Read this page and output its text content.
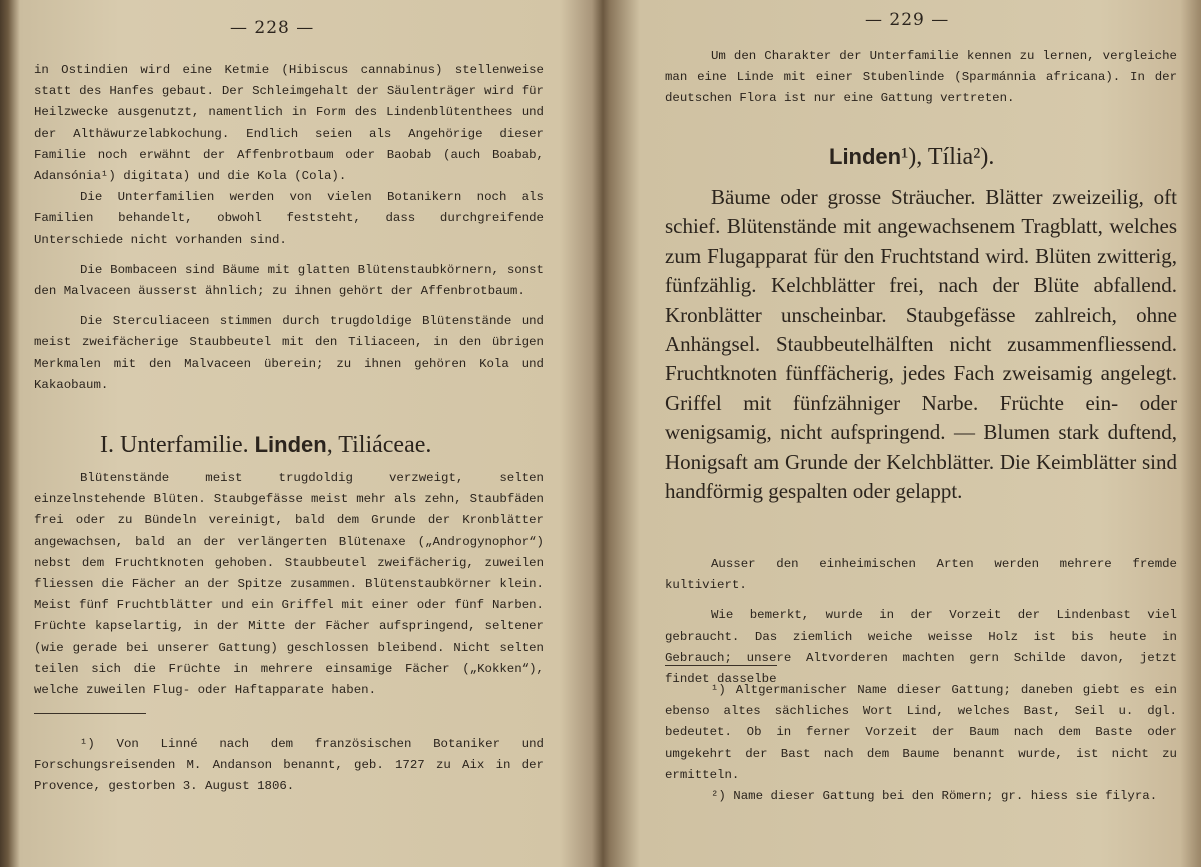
— 228 —

in Ostindien wird eine Ketmie (Hibiscus cannabinus) stellenweise statt des Hanfes gebaut. Der Schleimgehalt der Säulenträger wird für Heilzwecke ausgenutzt, namentlich in Form des Lindenblütenthees und der Althäwurzelabkochung. Endlich seien als Angehörige dieser Familie noch erwähnt der Affenbrotbaum oder Baobab (auch Boabab, Adansónia¹) digitata) und die Kola (Cola).

Die Unterfamilien werden von vielen Botanikern noch als Familien behandelt, obwohl feststeht, dass durchgreifende Unterschiede nicht vorhanden sind.

Die Bombaceen sind Bäume mit glatten Blütenstaubkörnern, sonst den Malvaceen äusserst ähnlich; zu ihnen gehört der Affenbrotbaum.

Die Sterculiaceen stimmen durch trugdoldige Blütenstände und meist zweifächerige Staubbeutel mit den Tiliaceen, in den übrigen Merkmalen mit den Malvaceen überein; zu ihnen gehören Kola und Kakaobaum.

I. Unterfamilie. Linden, Tiliáceae.

Blütenstände meist trugdoldig verzweigt, selten einzelnstehende Blüten. Staubgefässe meist mehr als zehn, Staubfäden frei oder zu Bündeln vereinigt, bald dem Grunde der Kronblätter angewachsen, bald an der verlängerten Blütenaxe („Androgynophor“) nebst dem Fruchtknoten gehoben. Staubbeutel zweifächerig, zuweilen fliessen die Fächer an der Spitze zusammen. Blütenstaubkörner klein. Meist fünf Fruchtblätter und ein Griffel mit einer oder fünf Narben. Früchte kapselartig, in der Mitte der Fächer aufspringend, seltener (wie gerade bei unserer Gattung) geschlossen bleibend. Nicht selten teilen sich die Früchte in mehrere einsamige Fächer („Kokken“), welche zuweilen Flug- oder Haftapparate haben.

¹) Von Linné nach dem französischen Botaniker und Forschungsreisenden M. Andanson benannt, geb. 1727 zu Aix in der Provence, gestorben 3. August 1806.

— 229 —

Um den Charakter der Unterfamilie kennen zu lernen, vergleiche man eine Linde mit einer Stubenlinde (Sparmánnia africana). In der deutschen Flora ist nur eine Gattung vertreten.

Linden¹), Tília²).

Bäume oder grosse Sträucher. Blätter zweizeilig, oft schief. Blütenstände mit angewachsenem Tragblatt, welches zum Flugapparat für den Fruchtstand wird. Blüten zwitterig, fünfzählig. Kelchblätter frei, nach der Blüte abfallend. Kronblätter unscheinbar. Staubgefässe zahlreich, ohne Anhängsel. Staubbeutelhälften nicht zusammenfliessend. Fruchtknoten fünffächerig, jedes Fach zweisamig angelegt. Griffel mit fünfzähniger Narbe. Früchte ein- oder wenigsamig, nicht aufspringend. — Blumen stark duftend, Honigsaft am Grunde der Kelchblätter. Die Keimblätter sind handförmig gespalten oder gelappt.

Ausser den einheimischen Arten werden mehrere fremde kultiviert.

Wie bemerkt, wurde in der Vorzeit der Lindenbast viel gebraucht. Das ziemlich weiche weisse Holz ist bis heute in Gebrauch; unsere Altvorderen machten gern Schilde davon, jetzt findet dasselbe

¹) Altgermanischer Name dieser Gattung; daneben giebt es ein ebenso altes sächliches Wort Lind, welches Bast, Seil u. dgl. bedeutet. Ob in ferner Vorzeit der Baum nach dem Baste oder umgekehrt der Bast nach dem Baume benannt wurde, ist nicht zu ermitteln.

²) Name dieser Gattung bei den Römern; gr. hiess sie filyra.
